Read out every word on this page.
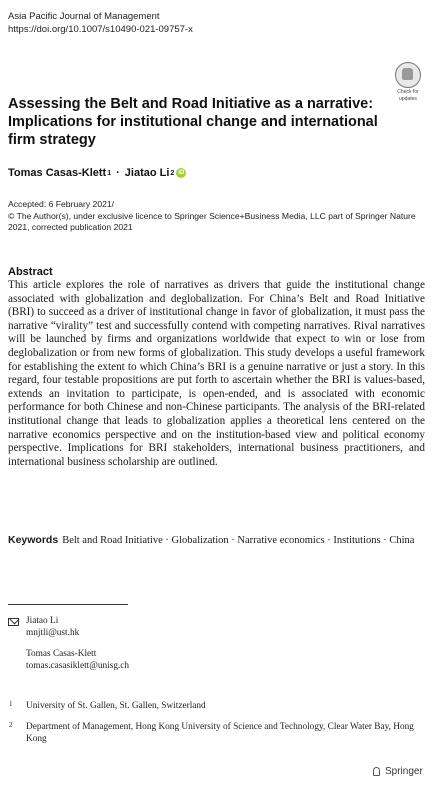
Asia Pacific Journal of Management
https://doi.org/10.1007/s10490-021-09757-x
Check for
updates
Assessing the Belt and Road Initiative as a narrative: Implications for institutional change and international firm strategy
Tomas Casas-Klett 1 · Jiatao Li 2 iD
Accepted: 6 February 2021/
© The Author(s), under exclusive licence to Springer Science+Business Media, LLC part of Springer Nature 2021, corrected publication 2021
Abstract
This article explores the role of narratives as drivers that guide the institutional change associated with globalization and deglobalization. For China’s Belt and Road Initiative (BRI) to succeed as a driver of institutional change in favor of globalization, it must pass the narrative “virality” test and successfully contend with competing narratives. Rival narratives will be launched by firms and organizations worldwide that expect to win or lose from deglobalization or from new forms of globalization. This study develops a useful framework for establishing the extent to which China’s BRI is a genuine narrative or just a story. In this regard, four testable propositions are put forth to ascertain whether the BRI is values-based, extends an invitation to participate, is open-ended, and is associated with economic performance for both Chinese and non-Chinese participants. The analysis of the BRI-related institutional change that leads to globalization applies a theoretical lens centered on the narrative economics perspective and on the institution-based view and political economy perspective. Implications for BRI stakeholders, international business practitioners, and international business scholarship are outlined.
Keywords Belt and Road Initiative · Globalization · Narrative economics · Institutions · China
Jiatao Li
mnjtli@ust.hk
Tomas Casas-Klett
tomas.casasiklett@unisg.ch
1 University of St. Gallen, St. Gallen, Switzerland
2 Department of Management, Hong Kong University of Science and Technology, Clear Water Bay, Hong Kong
Springer
